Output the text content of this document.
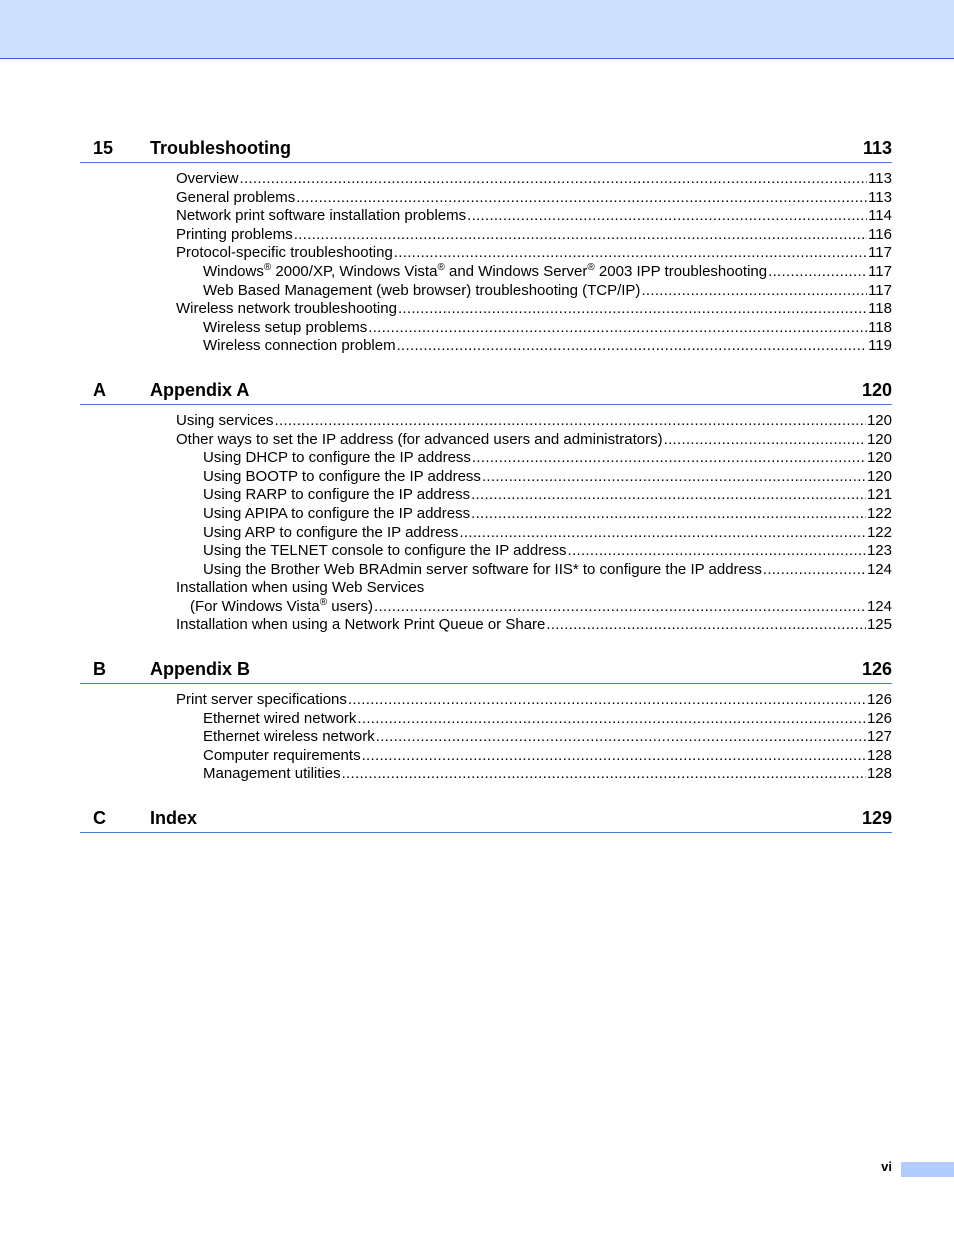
15 Troubleshooting	113
Overview .....	113
General problems .....	113
Network print software installation problems .....	114
Printing problems .....	116
Protocol-specific troubleshooting .....	117
Windows® 2000/XP, Windows Vista® and Windows Server® 2003 IPP troubleshooting .....	117
Web Based Management (web browser) troubleshooting (TCP/IP) .....	117
Wireless network troubleshooting .....	118
Wireless setup problems .....	118
Wireless connection problem .....	119
A Appendix A	120
Using services .....	120
Other ways to set the IP address (for advanced users and administrators) .....	120
Using DHCP to configure the IP address .....	120
Using BOOTP to configure the IP address .....	120
Using RARP to configure the IP address .....	121
Using APIPA to configure the IP address .....	122
Using ARP to configure the IP address .....	122
Using the TELNET console to configure the IP address .....	123
Using the Brother Web BRAdmin server software for IIS* to configure the IP address .....	124
Installation when using Web Services
(For Windows Vista® users) .....	124
Installation when using a Network Print Queue or Share .....	125
B Appendix B	126
Print server specifications .....	126
Ethernet wired network .....	126
Ethernet wireless network .....	127
Computer requirements .....	128
Management utilities .....	128
C Index	129
vi
